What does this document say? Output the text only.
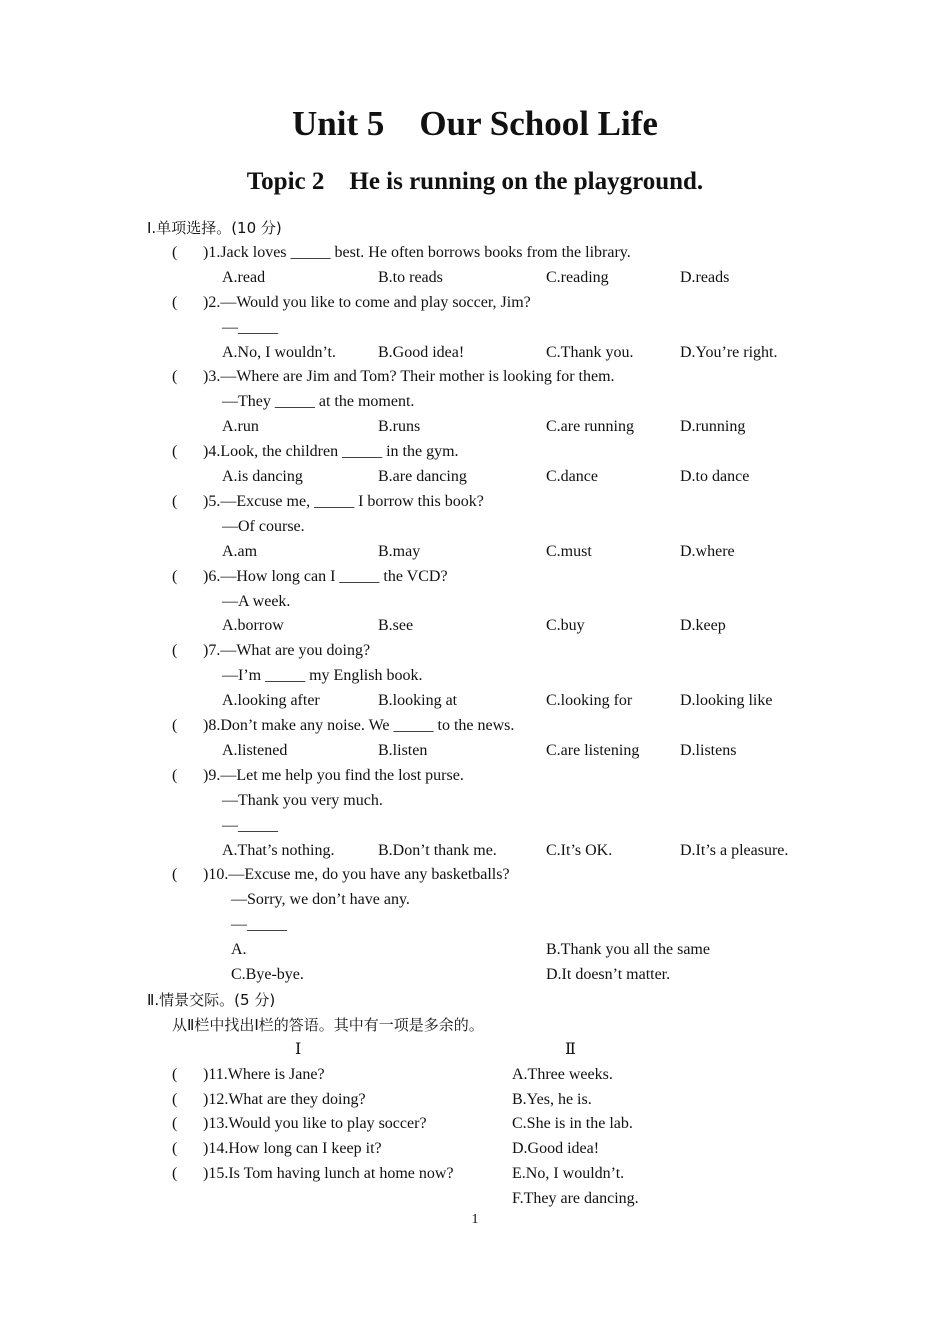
Unit 5    Our School Life
Topic 2    He is running on the playground.
Ⅰ.单项选择。(10 分)
( )1.Jack loves _____ best. He often borrows books from the library.
A.read	B.to reads	C.reading	D.reads
( )2.—Would you like to come and play soccer, Jim?
—_____
A.No, I wouldn’t.	B.Good idea!	C.Thank you.	D.You’re right.
( )3.—Where are Jim and Tom? Their mother is looking for them.
—They _____ at the moment.
A.run	B.runs	C.are running	D.running
( )4.Look, the children _____ in the gym.
A.is dancing	B.are dancing	C.dance	D.to dance
( )5.—Excuse me, _____ I borrow this book?
—Of course.
A.am	B.may	C.must	D.where
( )6.—How long can I _____ the VCD?
—A week.
A.borrow	B.see	C.buy	D.keep
( )7.—What are you doing?
—I’m _____ my English book.
A.looking after	B.looking at	C.looking for	D.looking like
( )8.Don’t make any noise. We _____ to the news.
A.listened	B.listen	C.are listening	D.listens
( )9.—Let me help you find the lost purse.
—Thank you very much.
—_____
A.That’s nothing.	B.Don’t thank me.	C.It’s OK.	D.It’s a pleasure.
( )10.—Excuse me, do you have any basketballs?
—Sorry, we don’t have any.
—_____
A.	B.Thank you all the same
C.Bye-bye.	D.It doesn’t matter.
Ⅱ.情景交际。(5 分)
从Ⅱ栏中找出Ⅰ栏的答语。其中有一项是多余的。
Ⅰ	Ⅱ
( )11.Where is Jane?	A.Three weeks.
( )12.What are they doing?	B.Yes, he is.
( )13.Would you like to play soccer?	C.She is in the lab.
( )14.How long can I keep it?	D.Good idea!
( )15.Is Tom having lunch at home now?	E.No, I wouldn’t.
F.They are dancing.
1
